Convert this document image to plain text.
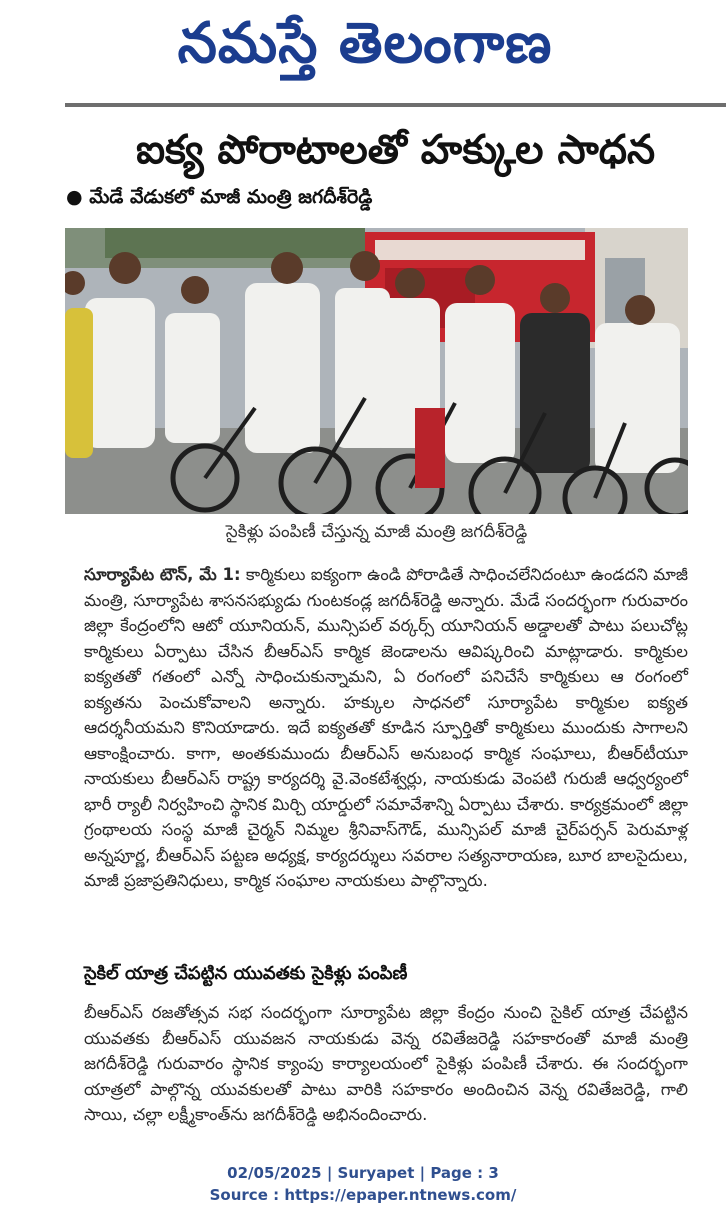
నమస్తే తెలంగాణ
ఐక్య పోరాటాలతో హక్కుల సాధన
● మేడే వేడుకలో మాజీ మంత్రి జగదీశ్‌రెడ్డి
సైకిళ్లు పంపిణీ చేస్తున్న మాజీ మంత్రి జగదీశ్‌రెడ్డి

సూర్యాపేట టౌన్‌, మే 1: కార్మికులు ఐక్యంగా ఉండి పోరాడితే సాధించలేనిదంటూ ఉండదని మాజీ మంత్రి, సూర్యాపేట శాసనసభ్యుడు గుంటకండ్ల జగదీశ్‌రెడ్డి అన్నారు. మేడే సందర్భంగా గురువారం జిల్లా కేంద్రంలోని ఆటో యూనియన్‌, మున్సిపల్‌ వర్కర్స్‌ యూనియన్‌ అడ్డాలతో పాటు పలుచోట్ల కార్మికులు ఏర్పాటు చేసిన బీఆర్‌ఎస్‌ కార్మిక జెండాలను ఆవిష్కరించి మాట్లాడారు. కార్మికుల ఐక్యతతో గతంలో ఎన్నో సాధించుకున్నామని, ఏ రంగంలో పనిచేసే కార్మికులు ఆ రంగంలో ఐక్యతను పెంచుకోవాలని అన్నారు. హక్కుల సాధనలో సూర్యాపేట కార్మికుల ఐక్యత ఆదర్శనీయమని కొనియాడారు. ఇదే ఐక్యతతో కూడిన స్ఫూర్తితో కార్మికులు ముందుకు సాగాలని ఆకాంక్షించారు. కాగా, అంతకుముందు బీఆర్‌ఎస్‌ అనుబంధ కార్మిక సంఘాలు, బీఆర్‌టీయూ నాయకులు బీఆర్‌ఎస్‌ రాష్ట్ర కార్యదర్శి వై.వెంకటేశ్వర్లు, నాయకుడు వెంపటి గురుజీ ఆధ్వర్యంలో భారీ ర్యాలీ నిర్వహించి స్థానిక మిర్చి యార్డులో సమావేశాన్ని ఏర్పాటు చేశారు. కార్యక్రమంలో జిల్లా గ్రంథాలయ సంస్థ మాజీ చైర్మన్‌ నిమ్మల శ్రీనివాస్‌గౌడ్‌, మున్సిపల్‌ మాజీ చైర్‌పర్సన్‌ పెరుమాళ్ల అన్నపూర్ణ, బీఆర్‌ఎస్‌ పట్టణ అధ్యక్ష, కార్యదర్శులు సవరాల సత్యనారాయణ, బూర బాలసైదులు, మాజీ ప్రజాప్రతినిధులు, కార్మిక సంఘాల నాయకులు పాల్గొన్నారు.

సైకిల్‌ యాత్ర చేపట్టిన యువతకు సైకిళ్లు పంపిణీ

బీఆర్‌ఎస్‌ రజతోత్సవ సభ సందర్భంగా సూర్యాపేట జిల్లా కేంద్రం నుంచి సైకిల్‌ యాత్ర చేపట్టిన యువతకు బీఆర్‌ఎస్‌ యువజన నాయకుడు వెన్న రవితేజరెడ్డి సహకారంతో మాజీ మంత్రి జగదీశ్‌రెడ్డి గురువారం స్థానిక క్యాంపు కార్యాలయంలో సైకిళ్లు పంపిణీ చేశారు. ఈ సందర్భంగా యాత్రలో పాల్గొన్న యువకులతో పాటు వారికి సహకారం అందించిన వెన్న రవితేజరెడ్డి, గాలి సాయి, చల్లా లక్ష్మీకాంత్‌ను జగదీశ్‌రెడ్డి అభినందించారు.

02/05/2025 | Suryapet | Page : 3
Source : https://epaper.ntnews.com/
